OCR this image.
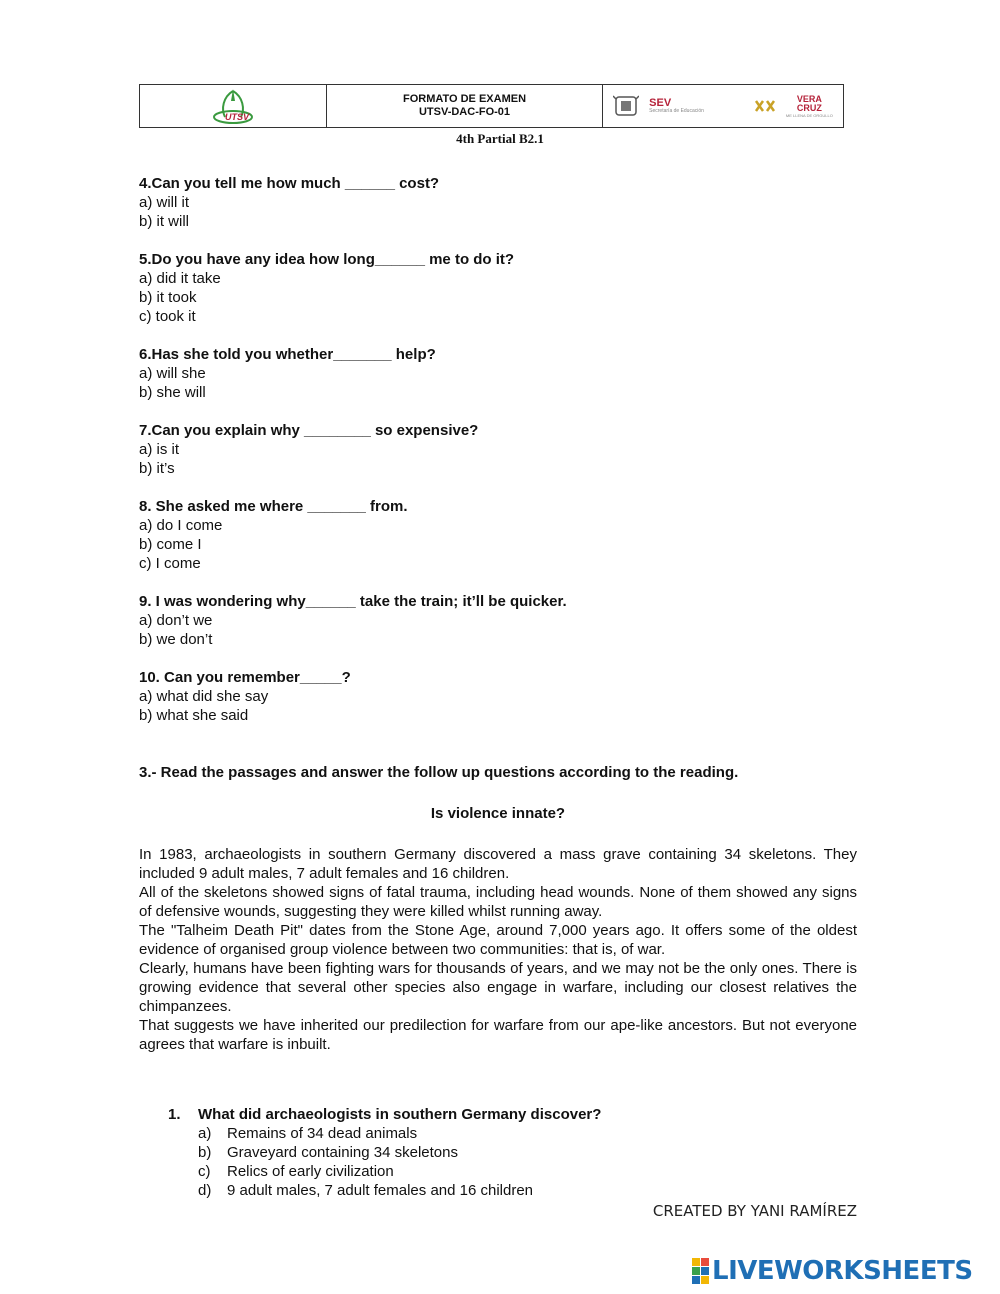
UTSV
FORMATO DE EXAMEN
UTSV-DAC-FO-01
SEV
Secretaría de Educación
VERA
CRUZ
ME LLENA DE ORGULLO
4th Partial B2.1
4.Can you tell me how much ______ cost?
a) will it
b) it will
5.Do you have any idea how long______ me to do it?
a) did it take
b) it took
c) took it
6.Has she told you whether_______ help?
a) will she
b) she will
7.Can you explain why ________ so expensive?
a) is it
b) it’s
8. She asked me where _______ from.
a) do I come
b) come I
c) I come
9. I was wondering why______ take the train; it’ll be quicker.
a) don’t we
b) we don’t
10. Can you remember_____?
a) what did she say
b) what she said
3.- Read the passages and answer the follow up questions according to the reading.
Is violence innate?

In 1983, archaeologists in southern Germany discovered a mass grave containing 34 skeletons. They included 9 adult males, 7 adult females and 16 children.

All of the skeletons showed signs of fatal trauma, including head wounds. None of them showed any signs of defensive wounds, suggesting they were killed whilst running away.

The "Talheim Death Pit" dates from the Stone Age, around 7,000 years ago. It offers some of the oldest evidence of organised group violence between two communities: that is, of war.

Clearly, humans have been fighting wars for thousands of years, and we may not be the only ones. There is growing evidence that several other species also engage in warfare, including our closest relatives the chimpanzees.

That suggests we have inherited our predilection for warfare from our ape-like ancestors. But not everyone agrees that warfare is inbuilt.

1.	What did archaeologists in southern Germany discover?
a)	Remains of 34 dead animals
b)	Graveyard containing 34 skeletons
c)	Relics of early civilization
d)	9 adult males, 7 adult females and 16 children
CREATED BY YANI RAMÍREZ
LIVEWORKSHEETS
